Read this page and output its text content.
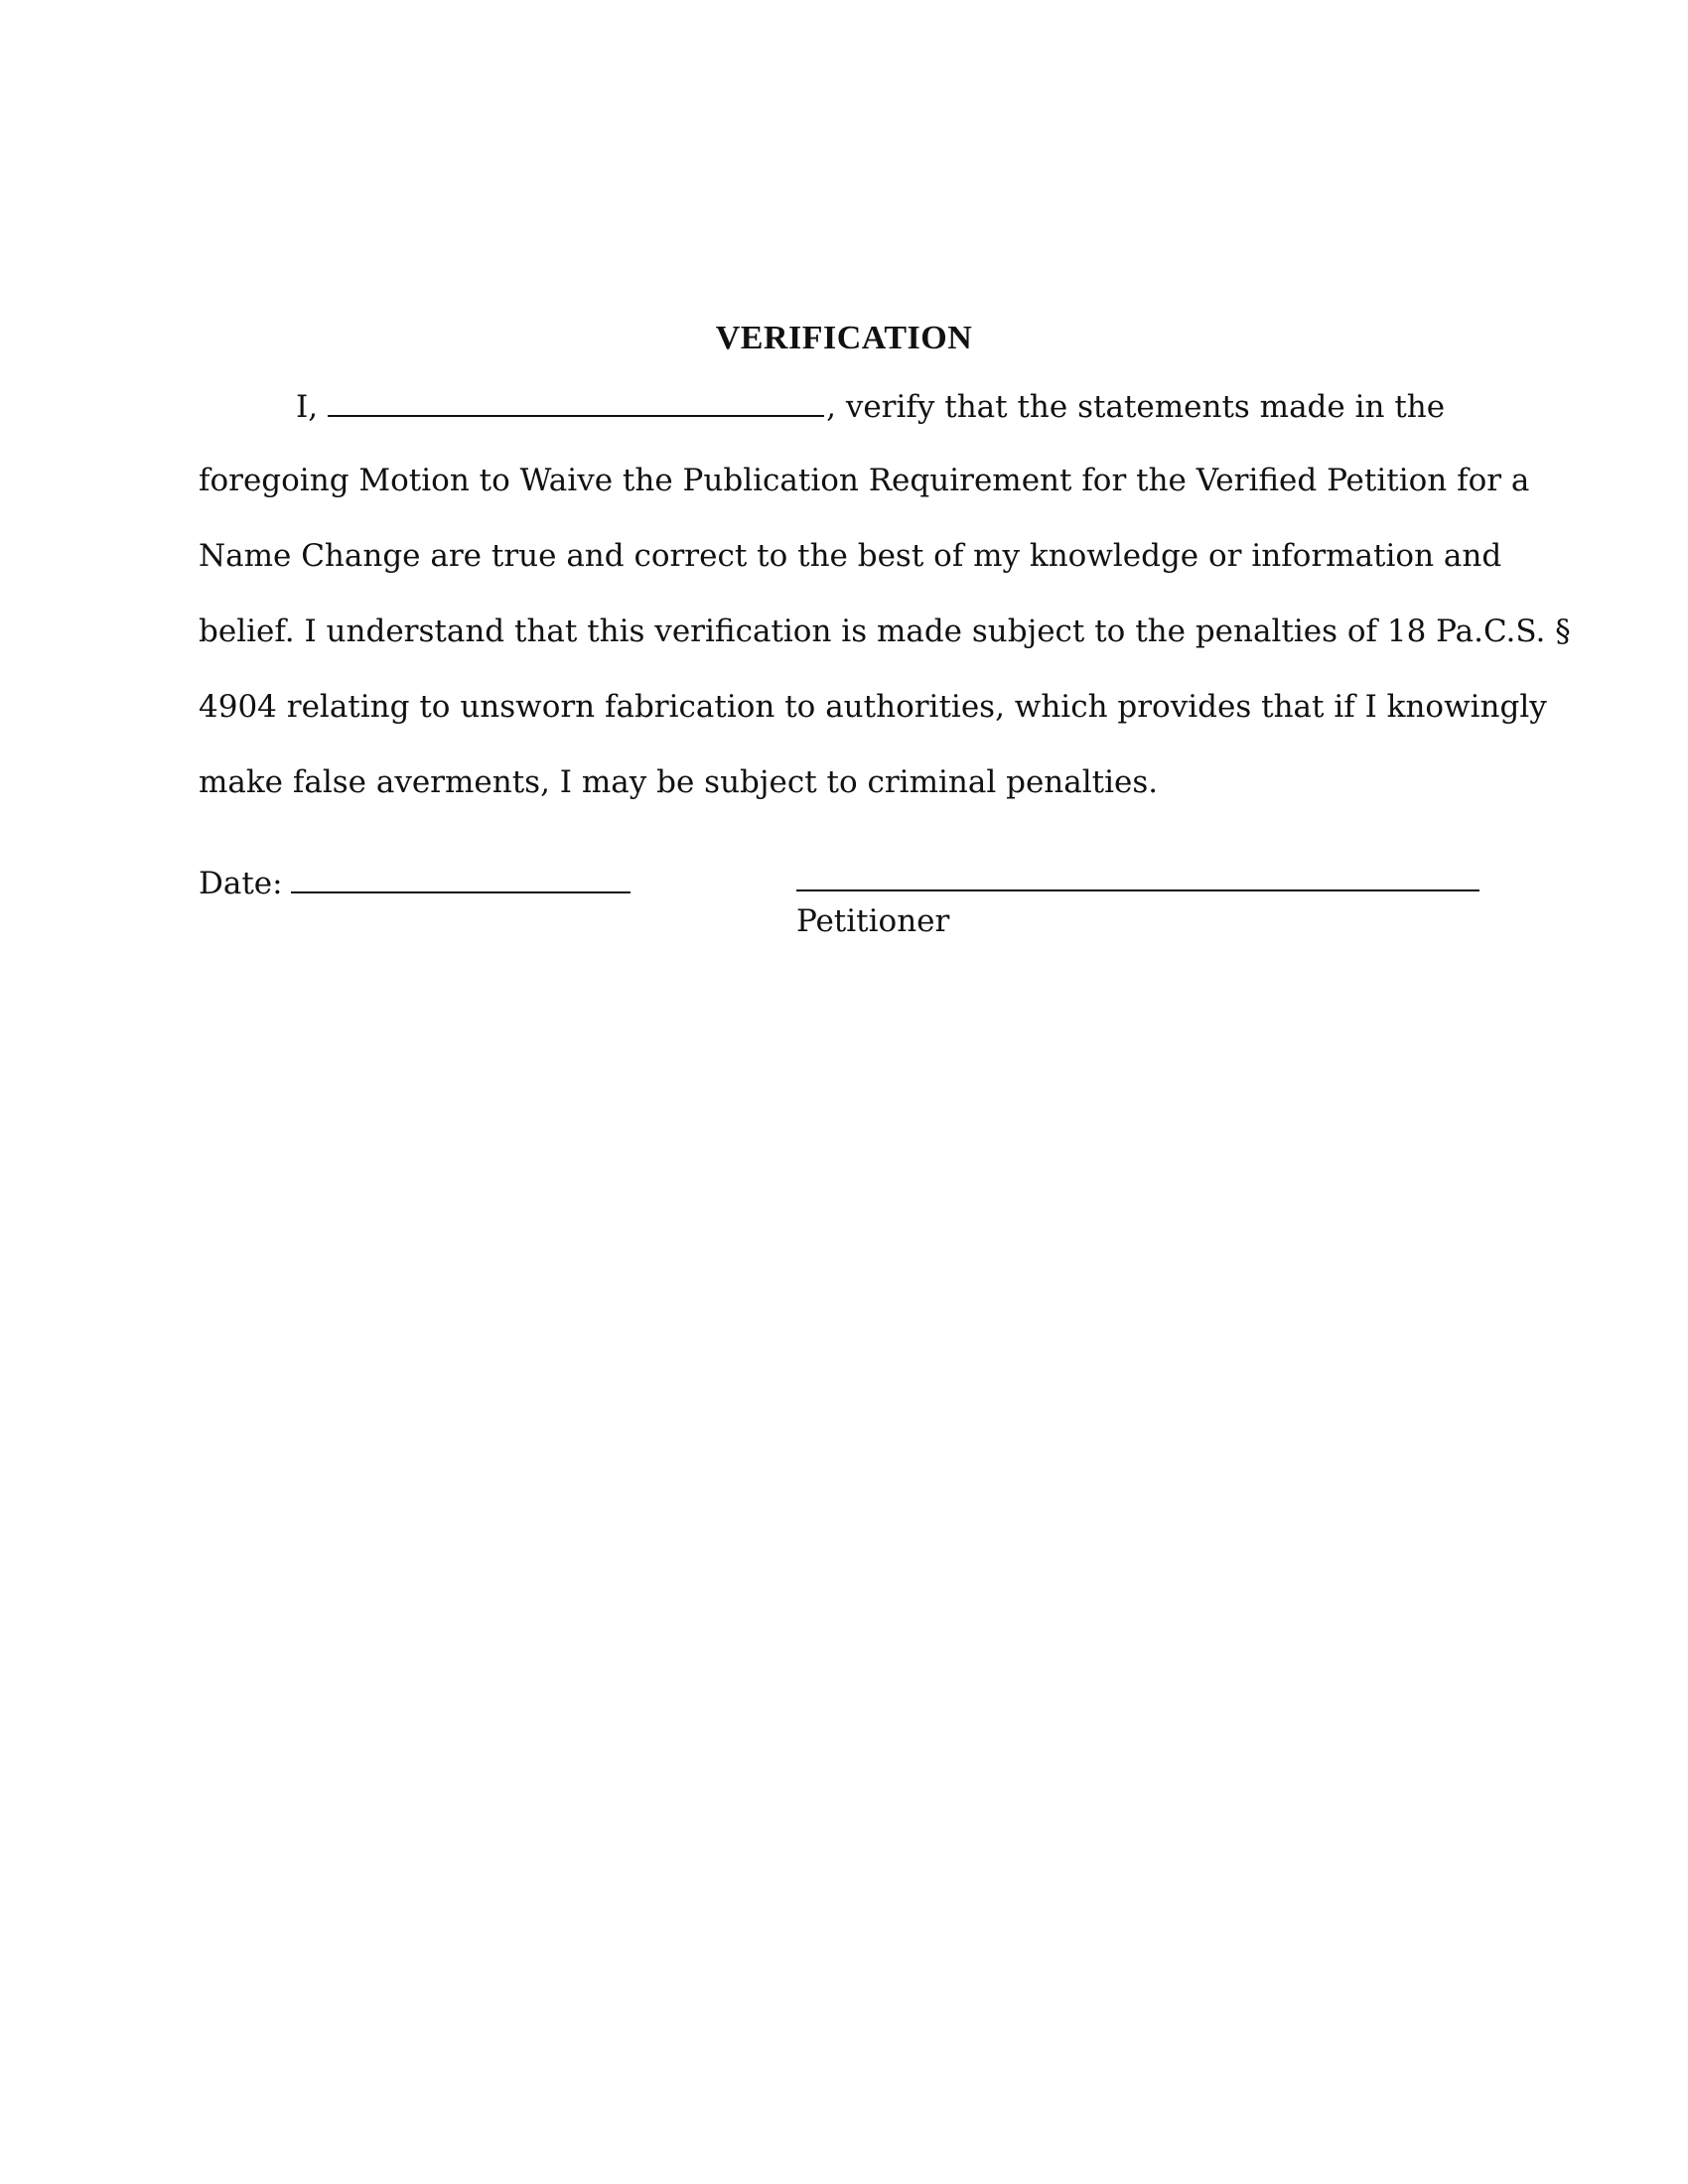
VERIFICATION
I,	, verify that the statements made in the
foregoing Motion to Waive the Publication Requirement for the Verified Petition for a
Name Change are true and correct to the best of my knowledge or information and
belief. I understand that this verification is made subject to the penalties of 18 Pa.C.S. §
4904 relating to unsworn fabrication to authorities, which provides that if I knowingly
make false averments, I may be subject to criminal penalties.
Date:
Petitioner
